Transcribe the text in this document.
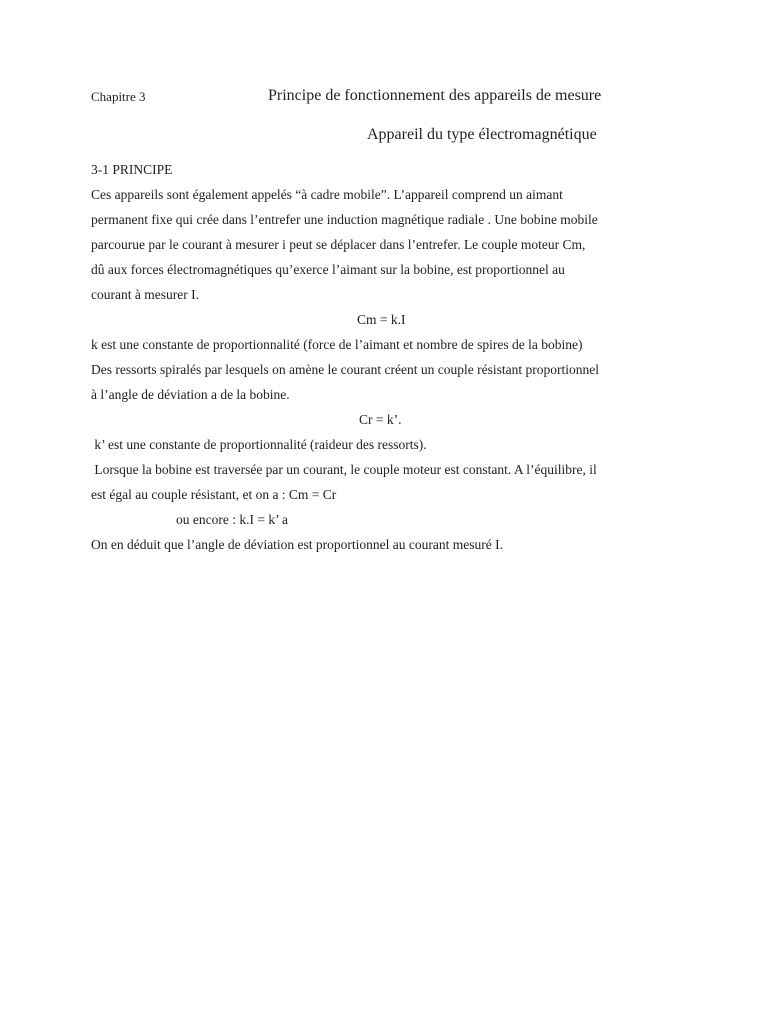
Chapitre 3	Principe de fonctionnement des appareils de mesure
Appareil du type électromagnétique
3-1 PRINCIPE

Ces appareils sont également appelés “à cadre mobile”. L’appareil comprend un aimant
permanent fixe qui crée dans l’entrefer une induction magnétique radiale . Une bobine mobile
parcourue par le courant à mesurer i peut se déplacer dans l’entrefer. Le couple moteur Cm,
dû aux forces électromagnétiques qu’exerce l’aimant sur la bobine, est proportionnel au
courant à mesurer I.

Cm = k.I

k est une constante de proportionnalité (force de l’aimant et nombre de spires de la bobine)
Des ressorts spiralés par lesquels on amène le courant créent un couple résistant proportionnel
à l’angle de déviation a de la bobine.

Cr = k’.

k’ est une constante de proportionnalité (raideur des ressorts).
Lorsque la bobine est traversée par un courant, le couple moteur est constant. A l’équilibre, il
est égal au couple résistant, et on a : Cm = Cr

ou encore : k.I = k’ a

On en déduit que l’angle de déviation est proportionnel au courant mesuré I.
